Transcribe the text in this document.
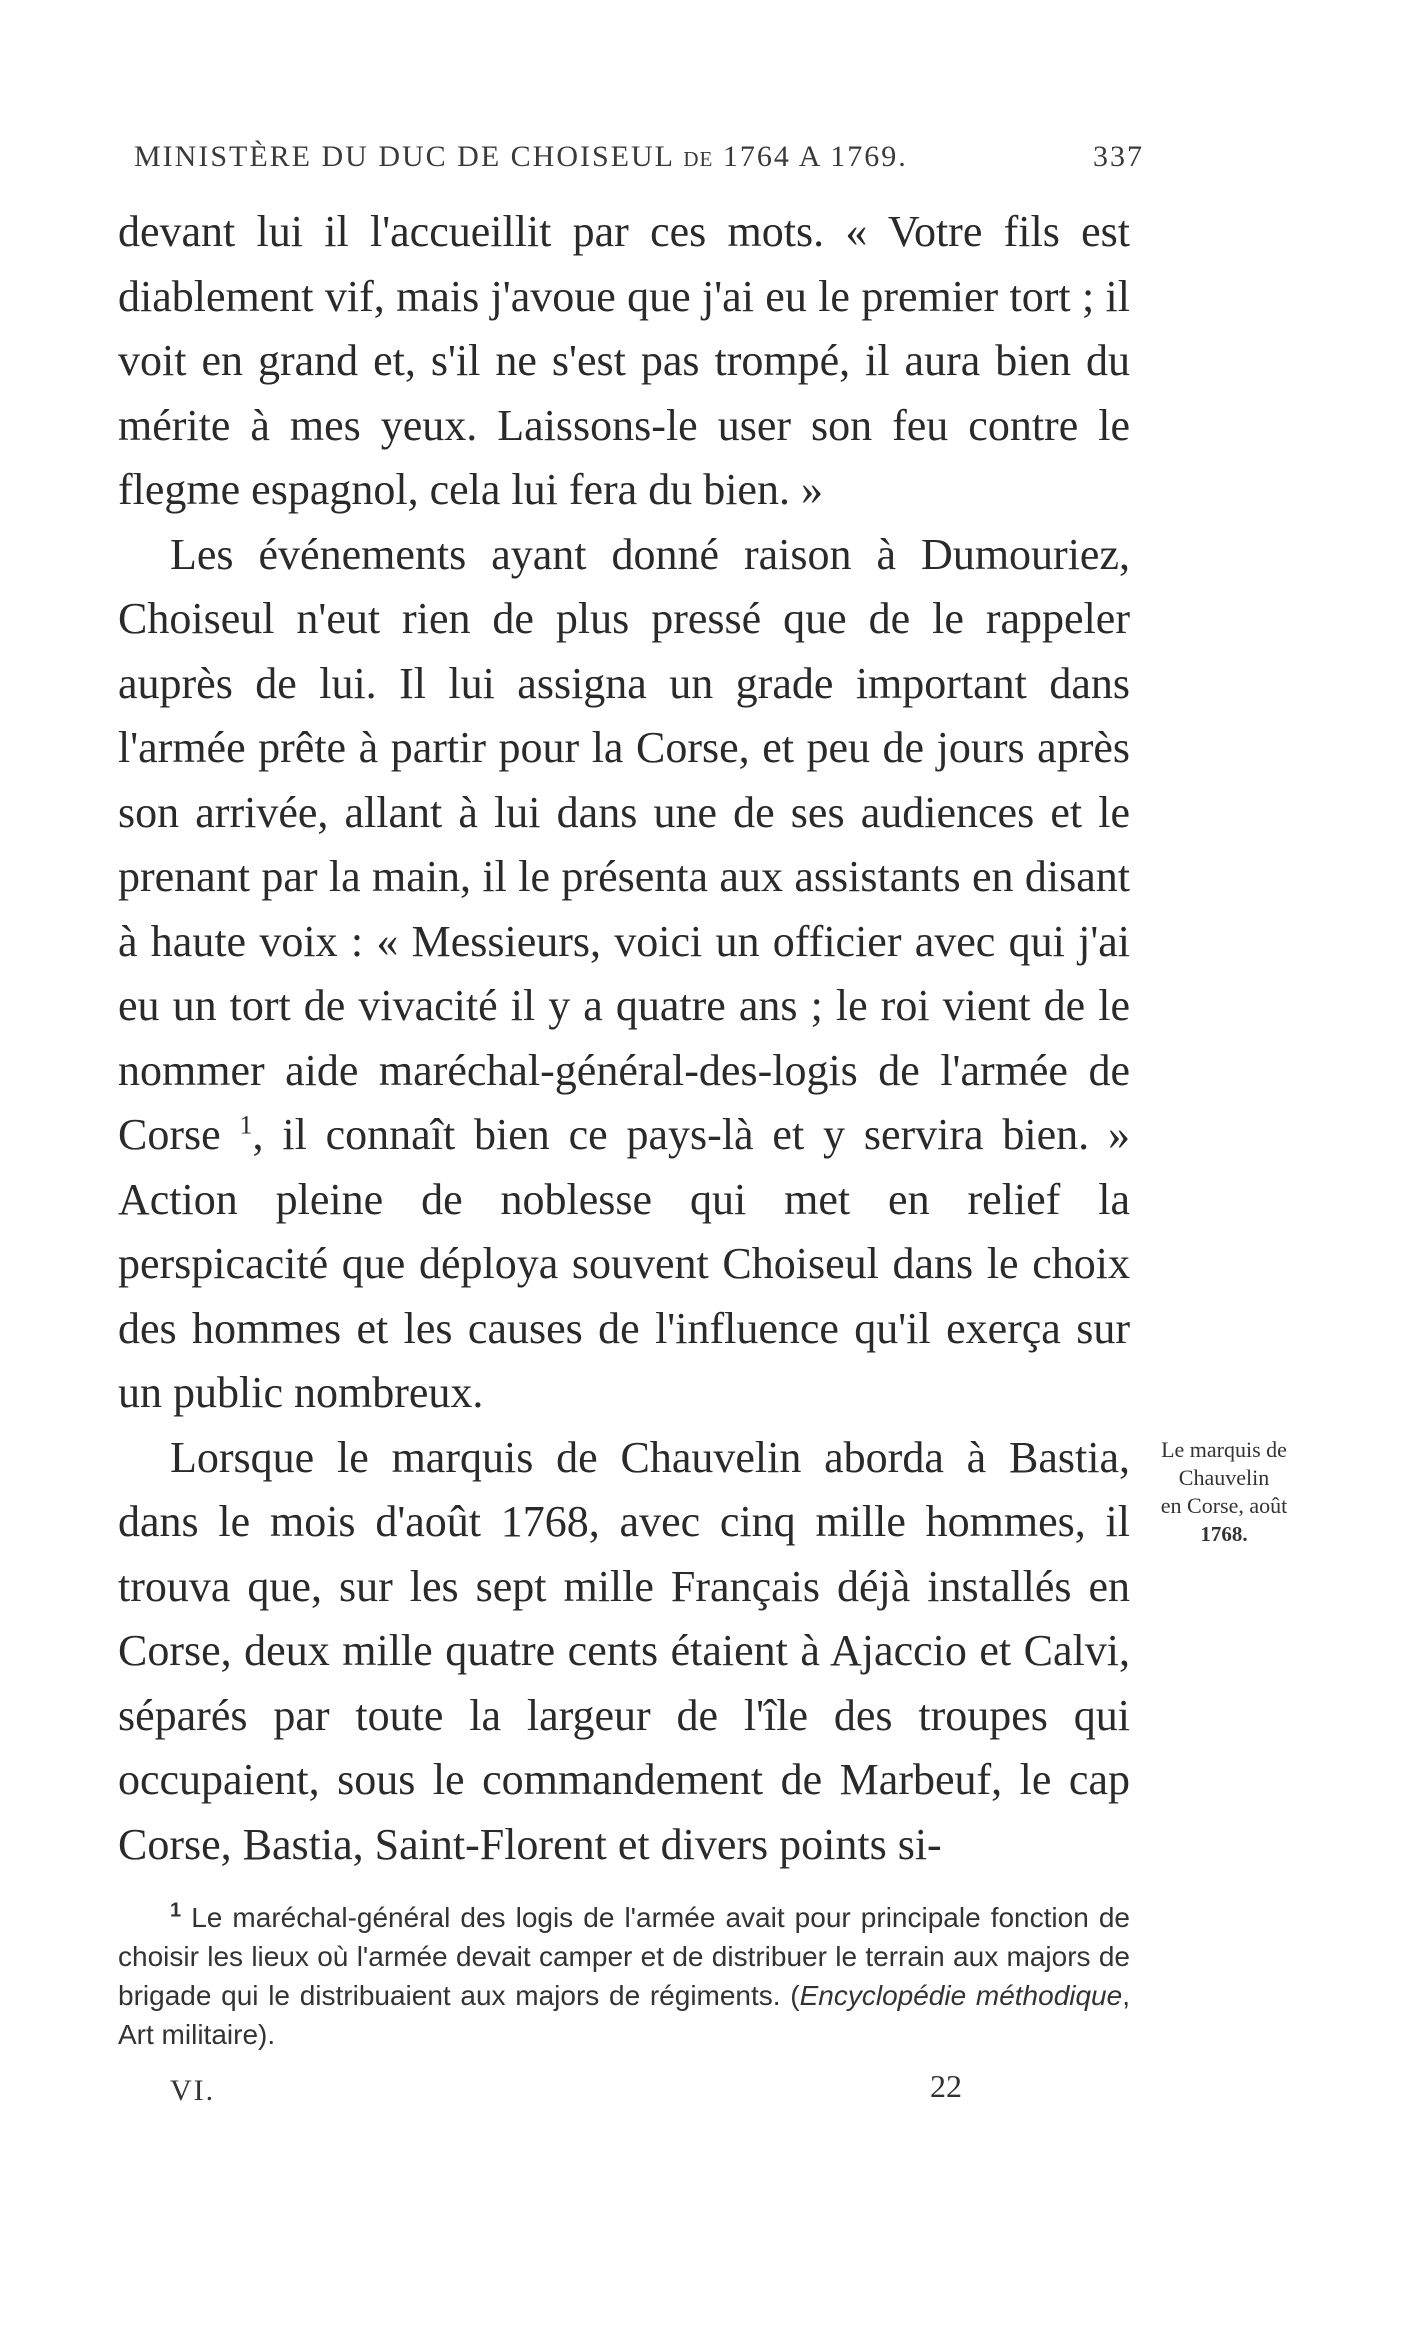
MINISTÈRE DU DUC DE CHOISEUL DE 1764 A 1769.	337

devant lui il l'accueillit par ces mots. « Votre fils est diablement vif, mais j'avoue que j'ai eu le premier tort ; il voit en grand et, s'il ne s'est pas trompé, il aura bien du mérite à mes yeux. Laissons-le user son feu contre le flegme espagnol, cela lui fera du bien. »

Les événements ayant donné raison à Dumouriez, Choiseul n'eut rien de plus pressé que de le rappeler auprès de lui. Il lui assigna un grade important dans l'armée prête à partir pour la Corse, et peu de jours après son arrivée, allant à lui dans une de ses audiences et le prenant par la main, il le présenta aux assistants en disant à haute voix : « Messieurs, voici un officier avec qui j'ai eu un tort de vivacité il y a quatre ans ; le roi vient de le nommer aide maréchal-général-des-logis de l'armée de Corse $^1$, il connaît bien ce pays-là et y servira bien. » Action pleine de noblesse qui met en relief la perspicacité que déploya souvent Choiseul dans le choix des hommes et les causes de l'influence qu'il exerça sur un public nombreux.

Lorsque le marquis de Chauvelin aborda à Bastia, dans le mois d'août 1768, avec cinq mille hommes, il trouva que, sur les sept mille Français déjà installés en Corse, deux mille quatre cents étaient à Ajaccio et Calvi, séparés par toute la largeur de l'île des troupes qui occupaient, sous le commandement de Marbeuf, le cap Corse, Bastia, Saint-Florent et divers points si-

Le marquis de
Chauvelin
en Corse, août
1768.

$^1$ Le maréchal-général des logis de l'armée avait pour principale fonction de choisir les lieux où l'armée devait camper et de distribuer le terrain aux majors de brigade qui le distribuaient aux majors de régiments. (Encyclopédie méthodique, Art militaire).

VI.	22
